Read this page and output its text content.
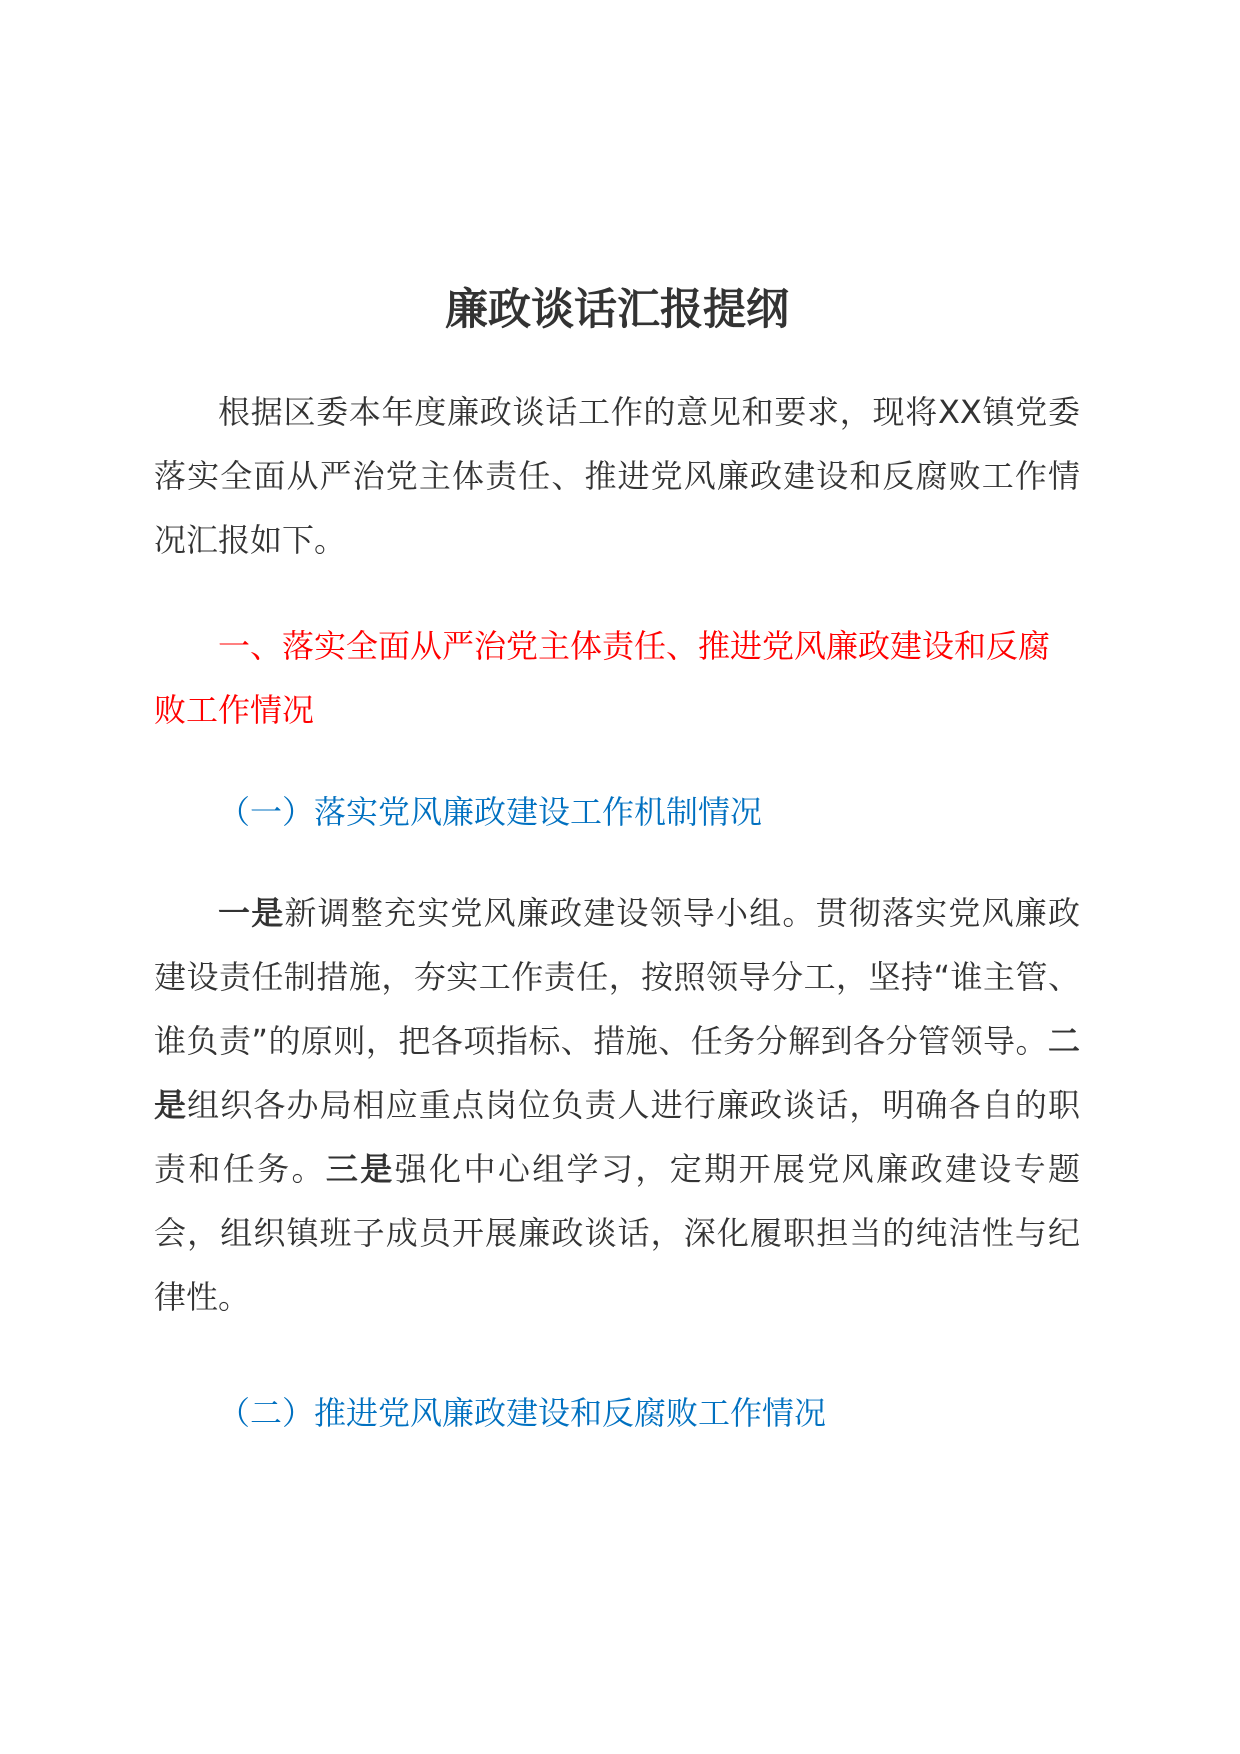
廉政谈话汇报提纲

根据区委本年度廉政谈话工作的意见和要求，现将XX镇党委落实全面从严治党主体责任、推进党风廉政建设和反腐败工作情况汇报如下。

一、落实全面从严治党主体责任、推进党风廉政建设和反腐败工作情况

（一）落实党风廉政建设工作机制情况

一是新调整充实党风廉政建设领导小组。贯彻落实党风廉政建设责任制措施，夯实工作责任，按照领导分工，坚持“谁主管、谁负责”的原则，把各项指标、措施、任务分解到各分管领导。二是组织各办局相应重点岗位负责人进行廉政谈话，明确各自的职责和任务。三是强化中心组学习，定期开展党风廉政建设专题会，组织镇班子成员开展廉政谈话，深化履职担当的纯洁性与纪律性。

（二）推进党风廉政建设和反腐败工作情况
